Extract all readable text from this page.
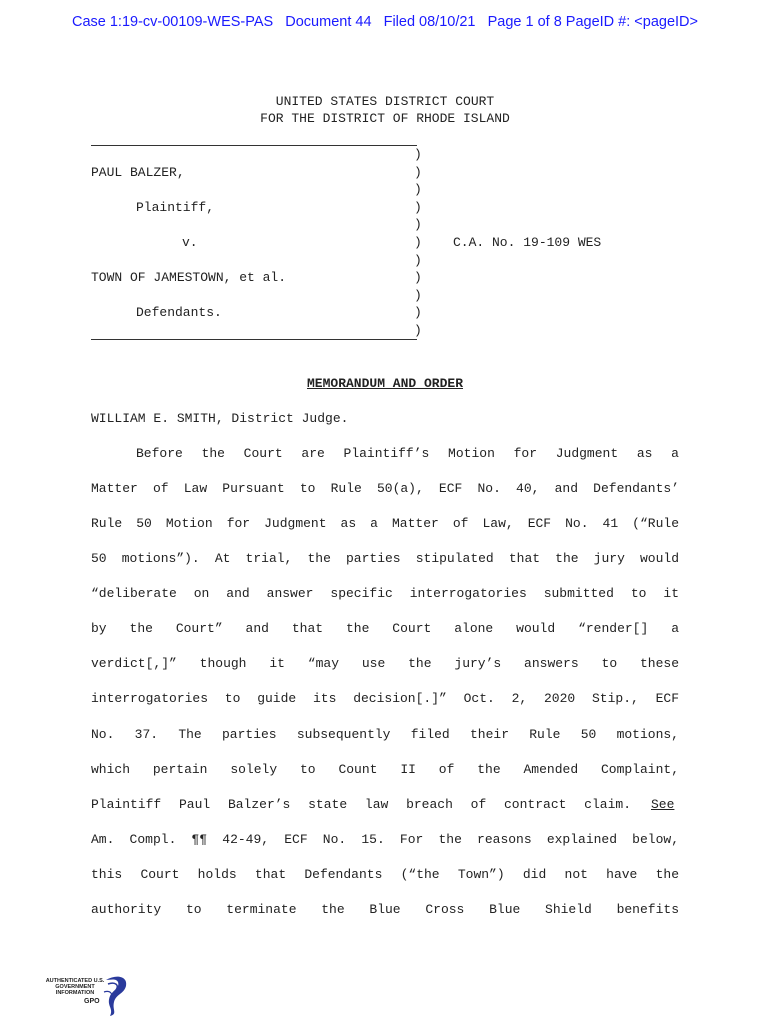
Case 1:19-cv-00109-WES-PAS   Document 44   Filed 08/10/21   Page 1 of 8 PageID #: <pageID>
UNITED STATES DISTRICT COURT
FOR THE DISTRICT OF RHODE ISLAND
PAUL BALZER,
Plaintiff,
v.
TOWN OF JAMESTOWN, et al.
Defendants.
)
)
)
)
)
)
)
)
)
)
)
C.A. No. 19-109 WES
MEMORANDUM AND ORDER
WILLIAM E. SMITH, District Judge.
Before the Court are Plaintiff’s Motion for Judgment as a
Matter of Law Pursuant to Rule 50(a), ECF No. 40, and Defendants’
Rule 50 Motion for Judgment as a Matter of Law, ECF No. 41 (“Rule
50 motions”). At trial, the parties stipulated that the jury would
“deliberate on and answer specific interrogatories submitted to it
by the Court” and that the Court alone would “render[] a
verdict[,]” though it “may use the jury’s answers to these
interrogatories to guide its decision[.]” Oct. 2, 2020 Stip., ECF
No. 37. The parties subsequently filed their Rule 50 motions,
which pertain solely to Count II of the Amended Complaint,
Plaintiff Paul Balzer’s state law breach of contract claim. See
Am. Compl. ¶¶ 42-49, ECF No. 15. For the reasons explained below,
this Court holds that Defendants (“the Town”) did not have the
authority to terminate the Blue Cross Blue Shield benefits
AUTHENTICATED U.S. GOVERNMENT INFORMATION
GPO
